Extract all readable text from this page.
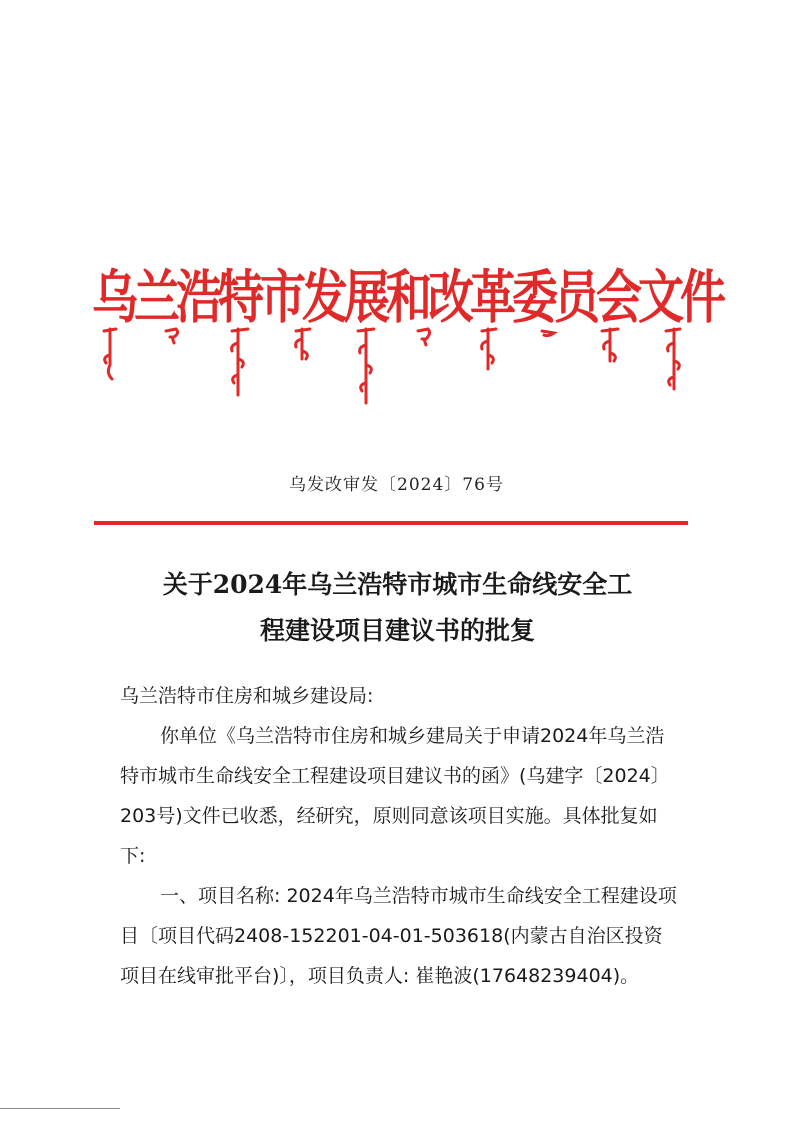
乌兰浩特市发展和改革委员会文件
乌发改审发〔2024〕76号
关于2024年乌兰浩特市城市生命线安全工
程建设项目建议书的批复

乌兰浩特市住房和城乡建设局:

你单位《乌兰浩特市住房和城乡建局关于申请2024年乌兰浩特市城市生命线安全工程建设项目建议书的函》(乌建字〔2024〕203号)文件已收悉，经研究，原则同意该项目实施。具体批复如下:

一、项目名称: 2024年乌兰浩特市城市生命线安全工程建设项目〔项目代码2408-152201-04-01-503618(内蒙古自治区投资项目在线审批平台)〕，项目负责人: 崔艳波(17648239404)。
